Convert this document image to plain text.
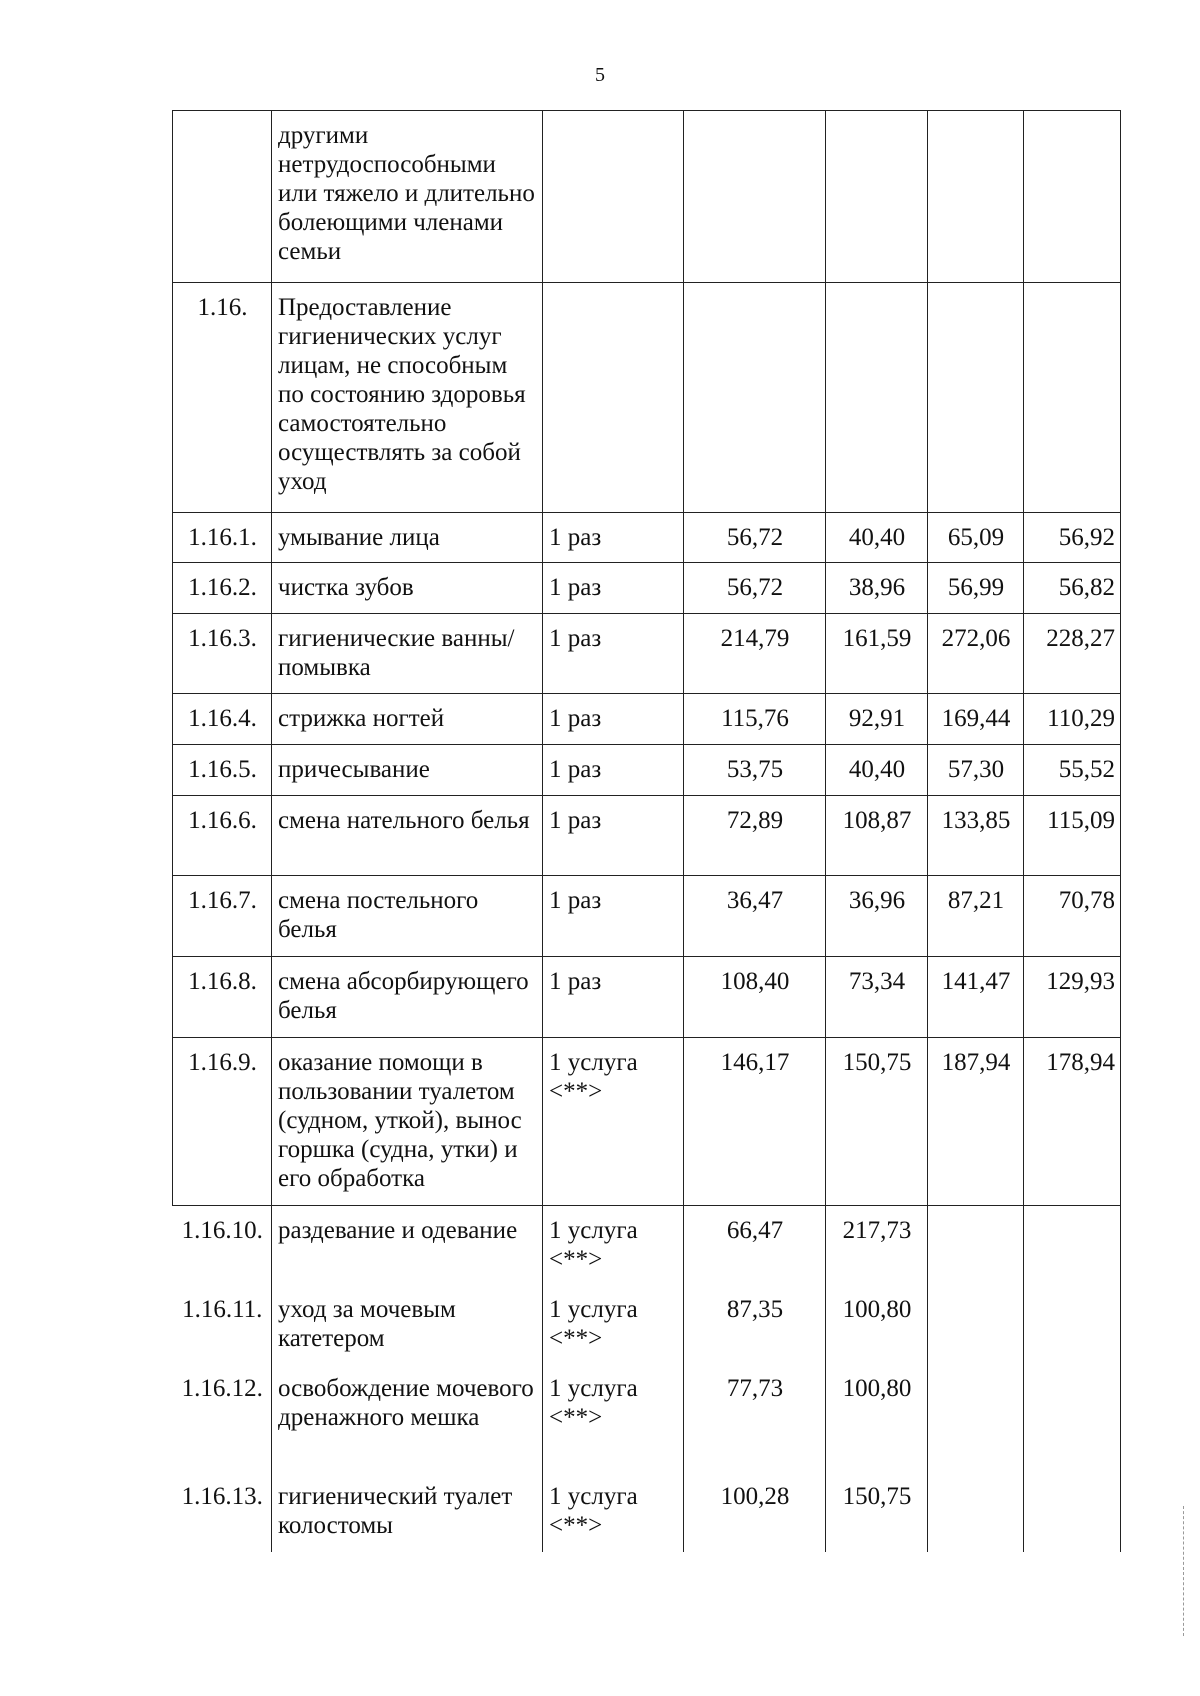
5
	другими нетрудоспособными или тяжело и длительно болеющими членами семьи					
1.16.	Предоставление гигиенических услуг лицам, не способным по состоянию здоровья самостоятельно осуществлять за собой уход					
1.16.1.	умывание лица	1 раз	56,72	40,40	65,09	56,92
1.16.2.	чистка зубов	1 раз	56,72	38,96	56,99	56,82
1.16.3.	гигиенические ванны/помывка	1 раз	214,79	161,59	272,06	228,27
1.16.4.	стрижка ногтей	1 раз	115,76	92,91	169,44	110,29
1.16.5.	причесывание	1 раз	53,75	40,40	57,30	55,52
1.16.6.	смена нательного белья	1 раз	72,89	108,87	133,85	115,09
1.16.7.	смена постельного белья	1 раз	36,47	36,96	87,21	70,78
1.16.8.	смена абсорбирующего белья	1 раз	108,40	73,34	141,47	129,93
1.16.9.	оказание помощи в пользовании туалетом (судном, уткой), вынос горшка (судна, утки) и его обработка	1 услуга <**>	146,17	150,75	187,94	178,94
1.16.10.	раздевание и одевание	1 услуга <**>	66,47	217,73		
1.16.11.	уход за мочевым катетером	1 услуга <**>	87,35	100,80		
1.16.12.	освобождение мочевого дренажного мешка	1 услуга <**>	77,73	100,80		
1.16.13.	гигиенический туалет колостомы	1 услуга <**>	100,28	150,75		
